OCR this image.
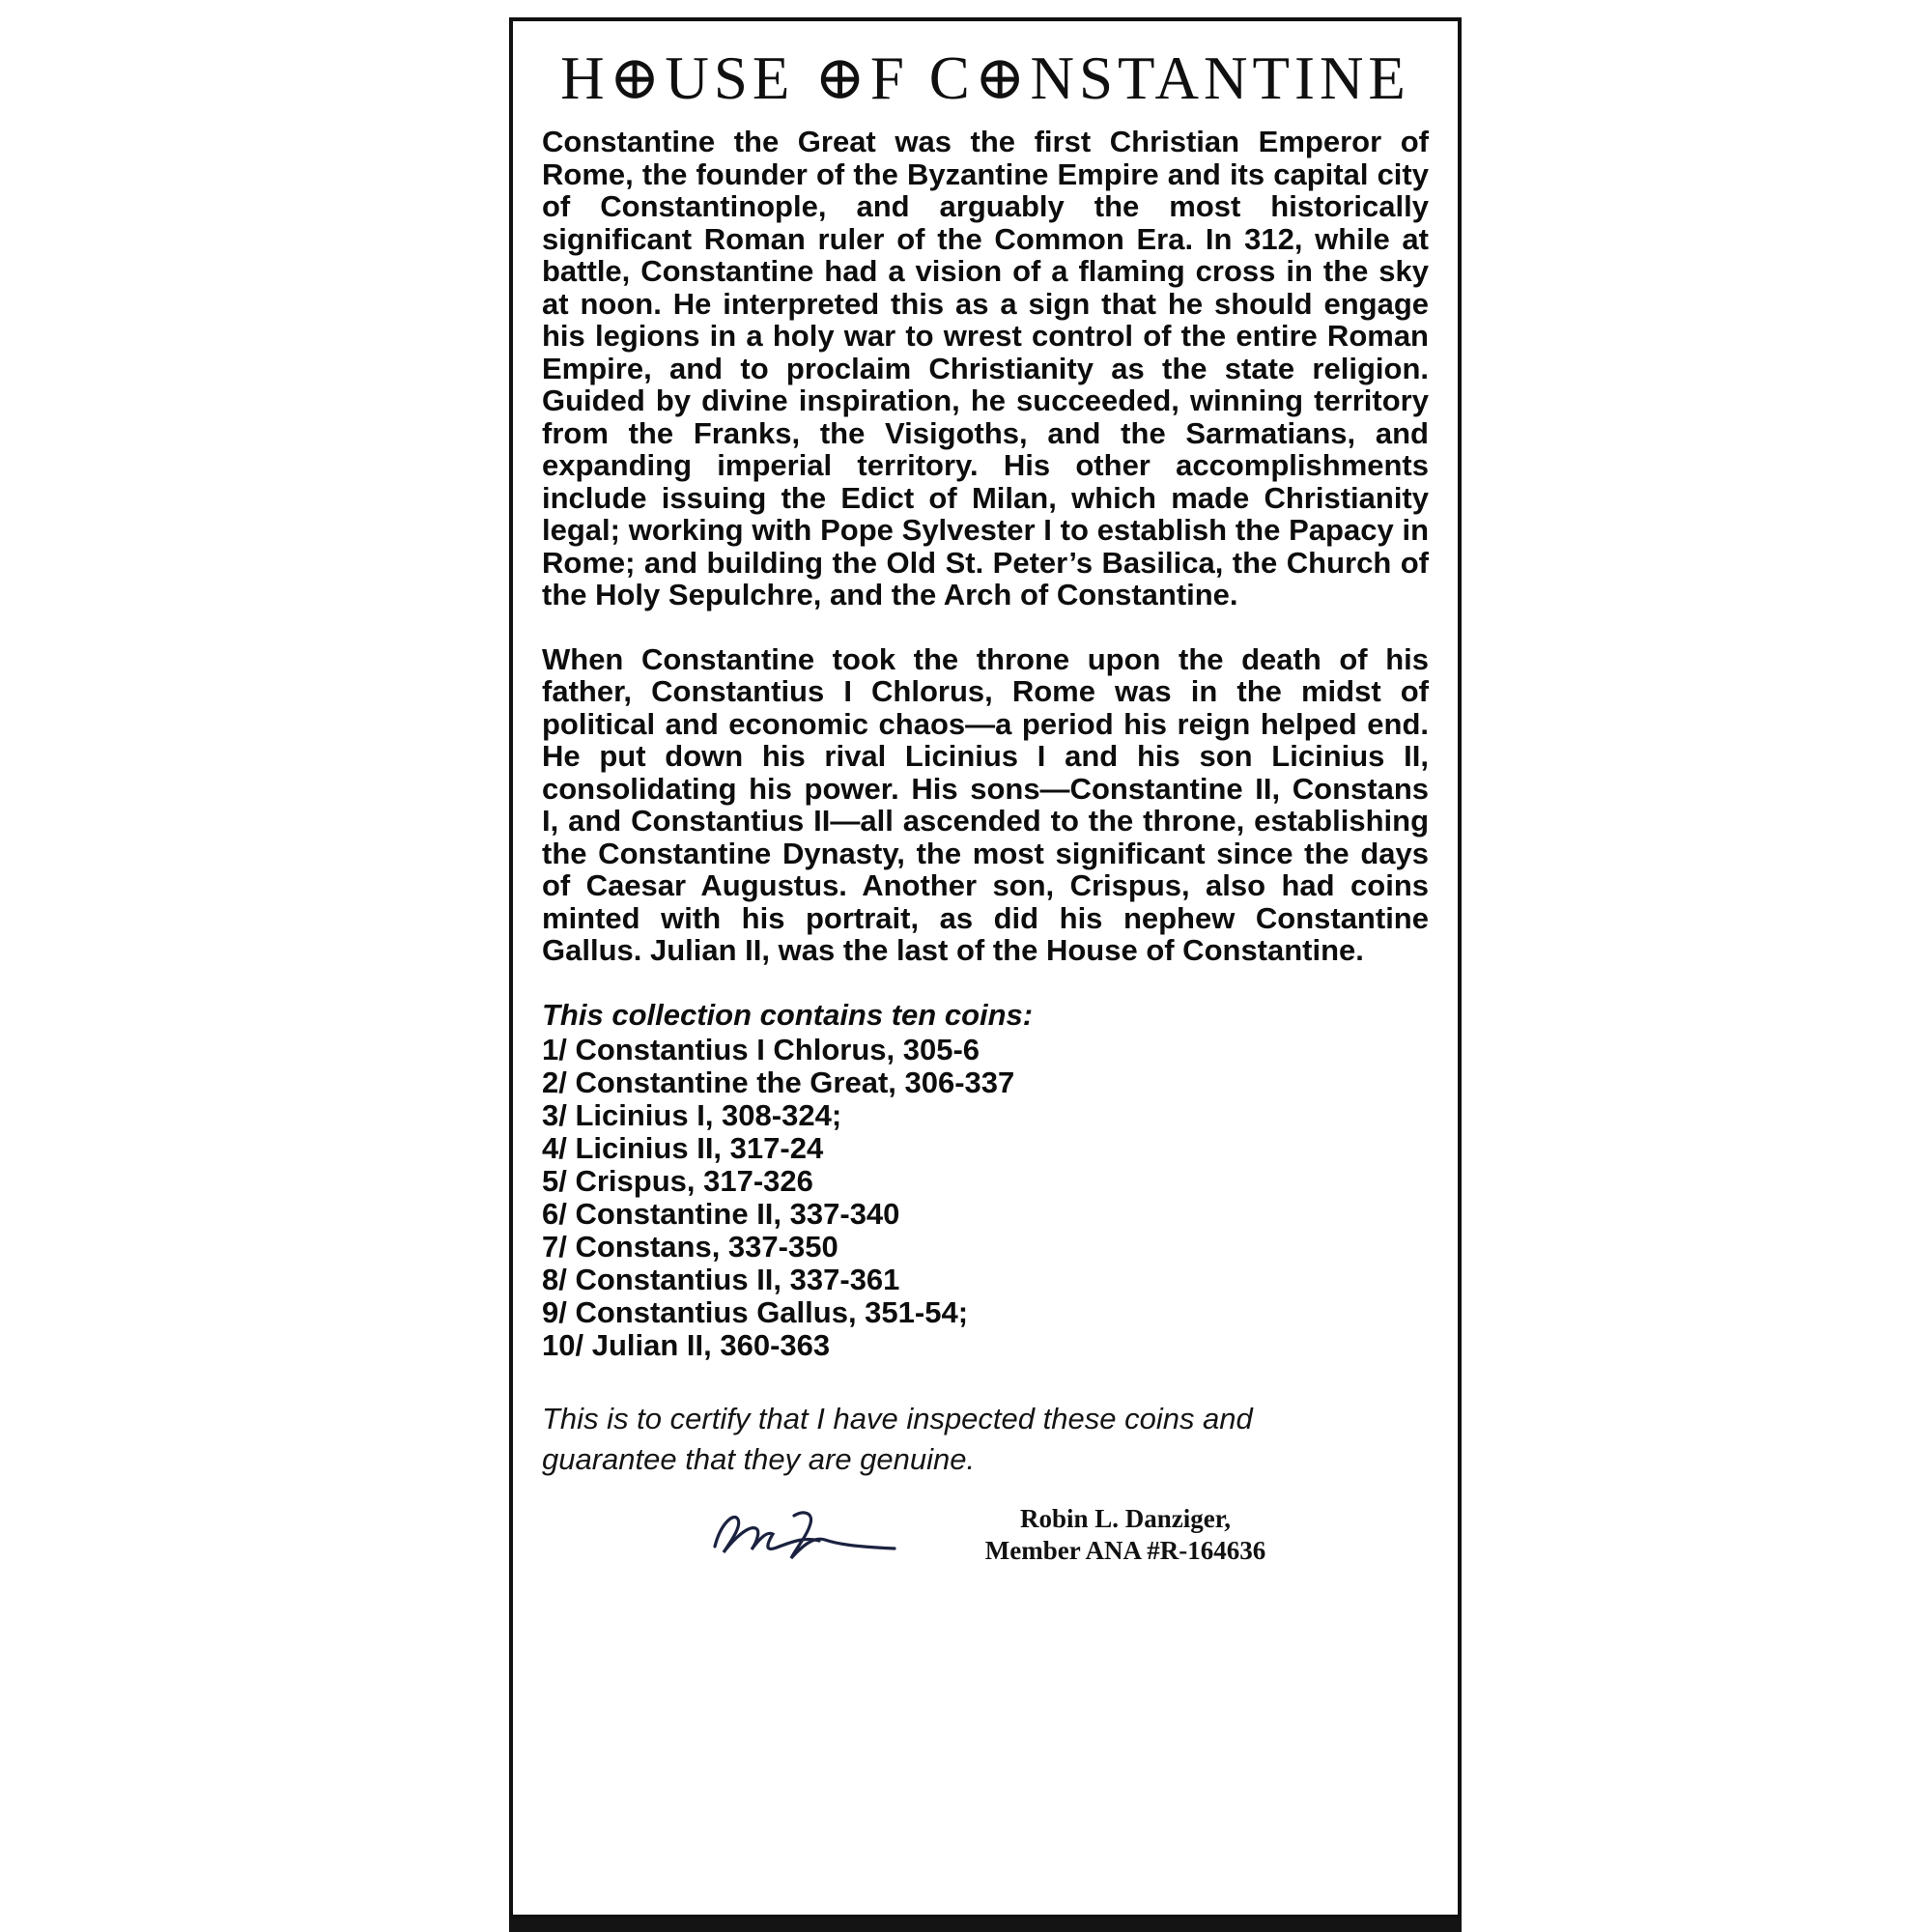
H⊕USE ⊕F C⊕NSTANTINE

Constantine the Great was the first Christian Emperor of Rome, the founder of the Byzantine Empire and its capital city of Constantinople, and arguably the most historically significant Roman ruler of the Common Era. In 312, while at battle, Constantine had a vision of a flaming cross in the sky at noon. He interpreted this as a sign that he should engage his legions in a holy war to wrest control of the entire Roman Empire, and to proclaim Christianity as the state religion. Guided by divine inspiration, he succeeded, winning territory from the Franks, the Visigoths, and the Sarmatians, and expanding imperial territory. His other accomplishments include issuing the Edict of Milan, which made Christianity legal; working with Pope Sylvester I to establish the Papacy in Rome; and building the Old St. Peter’s Basilica, the Church of the Holy Sepulchre, and the Arch of Constantine.

When Constantine took the throne upon the death of his father, Constantius I Chlorus, Rome was in the midst of political and economic chaos—a period his reign helped end. He put down his rival Licinius I and his son Licinius II, consolidating his power. His sons—Constantine II, Constans I, and Constantius II—all ascended to the throne, establishing the Constantine Dynasty, the most significant since the days of Caesar Augustus. Another son, Crispus, also had coins minted with his portrait, as did his nephew Constantine Gallus. Julian II, was the last of the House of Constantine.

This collection contains ten coins:
1/ Constantius I Chlorus, 305-6
2/ Constantine the Great, 306-337
3/ Licinius I, 308-324;
4/ Licinius II, 317-24
5/ Crispus, 317-326
6/ Constantine II, 337-340
7/ Constans, 337-350
8/ Constantius II, 337-361
9/ Constantius Gallus, 351-54;
10/ Julian II, 360-363
This is to certify that I have inspected these coins and guarantee that they are genuine.
Robin L. Danziger,
Member ANA #R-164636
